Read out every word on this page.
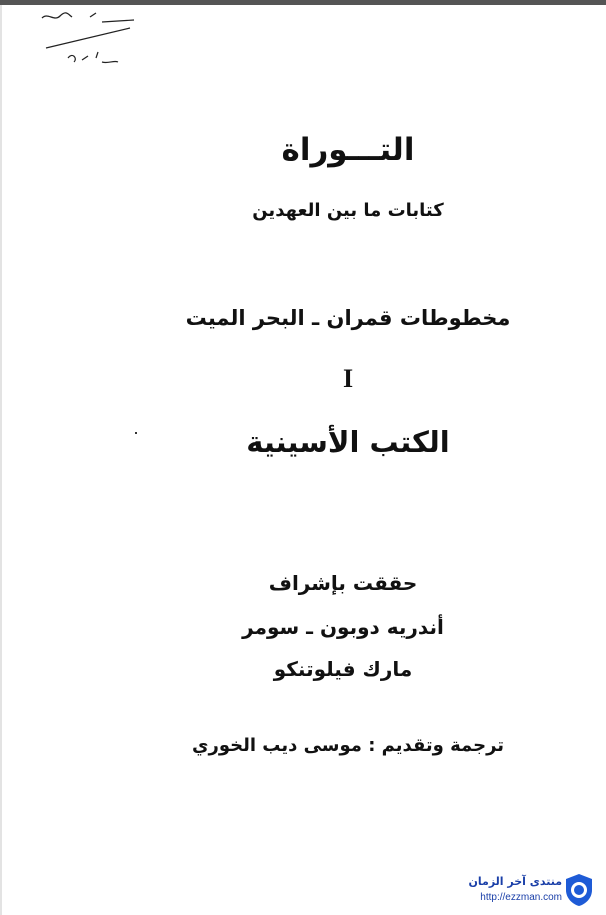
التـــوراة
كتابات ما بين العهدين
مخطوطات قمران ـ البحر الميت
I
الكتب الأسينية
حققت بإشراف
أندريه دوبون ـ سومر
مارك فيلوتنكو
ترجمة وتقديم : موسى ديب الخوري
منتدى آخر الزمان
http://ezzman.com
